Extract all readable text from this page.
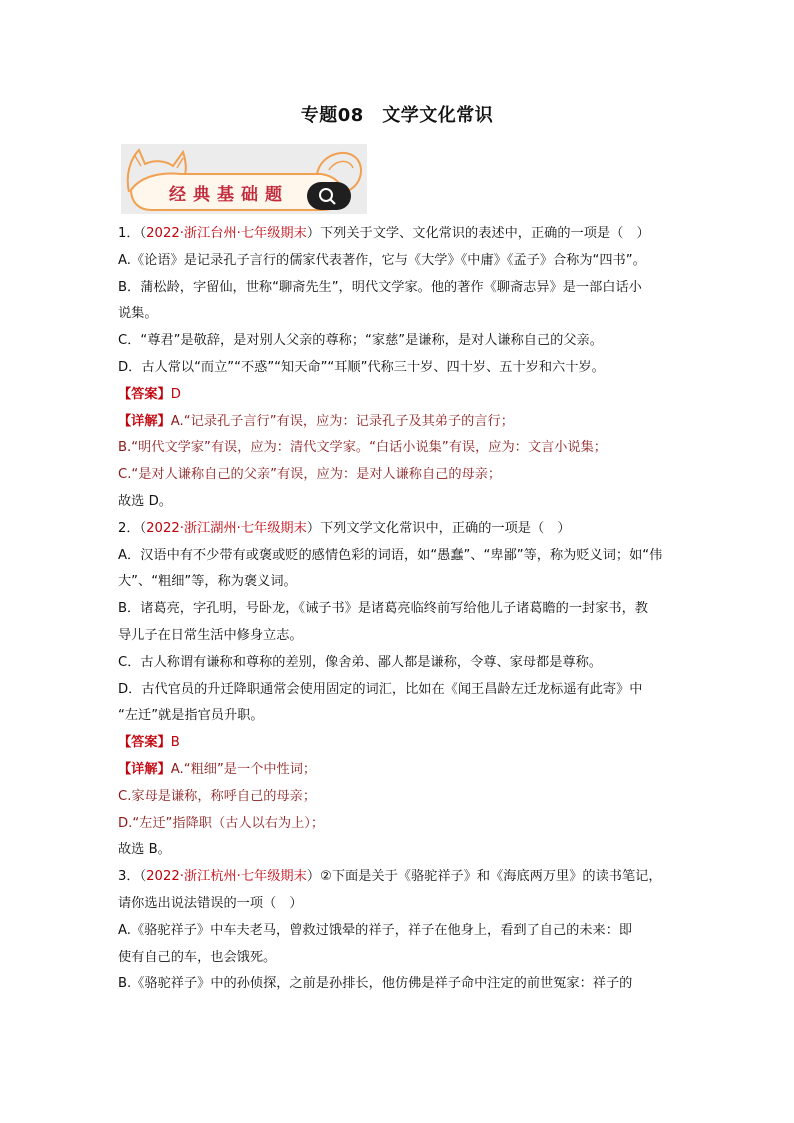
专题08　文学文化常识
经典基础题
1．（2022·浙江台州·七年级期末）下列关于文学、文化常识的表述中，正确的一项是（　）
A.《论语》是记录孔子言行的儒家代表著作，它与《大学》《中庸》《孟子》合称为“四书”。
B．蒲松龄，字留仙，世称“聊斋先生”，明代文学家。他的著作《聊斋志异》是一部白话小
说集。
C．“尊君”是敬辞，是对别人父亲的尊称；“家慈”是谦称，是对人谦称自己的父亲。
D．古人常以“而立”“不惑”“知天命”“耳顺”代称三十岁、四十岁、五十岁和六十岁。
【答案】D
【详解】A.“记录孔子言行”有误，应为：记录孔子及其弟子的言行；
B.“明代文学家”有误，应为：清代文学家。“白话小说集”有误，应为：文言小说集；
C.“是对人谦称自己的父亲”有误，应为：是对人谦称自己的母亲；
故选 D。
2．（2022·浙江湖州·七年级期末）下列文学文化常识中，正确的一项是（　）
A．汉语中有不少带有或褒或贬的感情色彩的词语，如“愚蠢”、“卑鄙”等，称为贬义词；如“伟
大”、“粗细”等，称为褒义词。
B．诸葛亮，字孔明，号卧龙，《诫子书》是诸葛亮临终前写给他儿子诸葛瞻的一封家书，教
导儿子在日常生活中修身立志。
C．古人称谓有谦称和尊称的差别，像舍弟、鄙人都是谦称，令尊、家母都是尊称。
D．古代官员的升迁降职通常会使用固定的词汇，比如在《闻王昌龄左迁龙标遥有此寄》中
“左迁”就是指官员升职。
【答案】B
【详解】A.“粗细”是一个中性词；
C.家母是谦称，称呼自己的母亲；
D.“左迁”指降职（古人以右为上）；
故选 B。
3．（2022·浙江杭州·七年级期末）②下面是关于《骆驼祥子》和《海底两万里》的读书笔记，
请你选出说法错误的一项（　）
A.《骆驼祥子》中车夫老马，曾救过饿晕的祥子，祥子在他身上，看到了自己的未来：即
使有自己的车，也会饿死。
B.《骆驼祥子》中的孙侦探，之前是孙排长，他仿佛是祥子命中注定的前世冤家：祥子的
